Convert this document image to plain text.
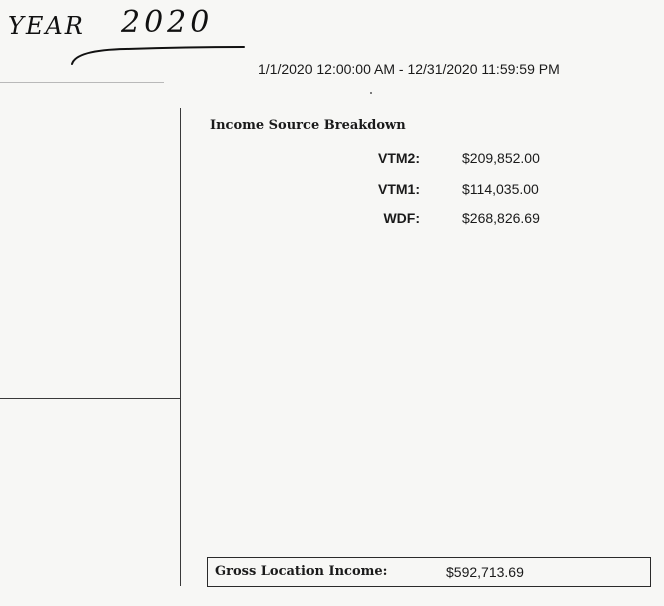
YEAR 2020
1/1/2020 12:00:00 AM - 12/31/2020 11:59:59 PM
Income Source Breakdown
VTM2:	$209,852.00
VTM1:	$114,035.00
WDF:	$268,826.69
Gross Location Income:	$592,713.69
